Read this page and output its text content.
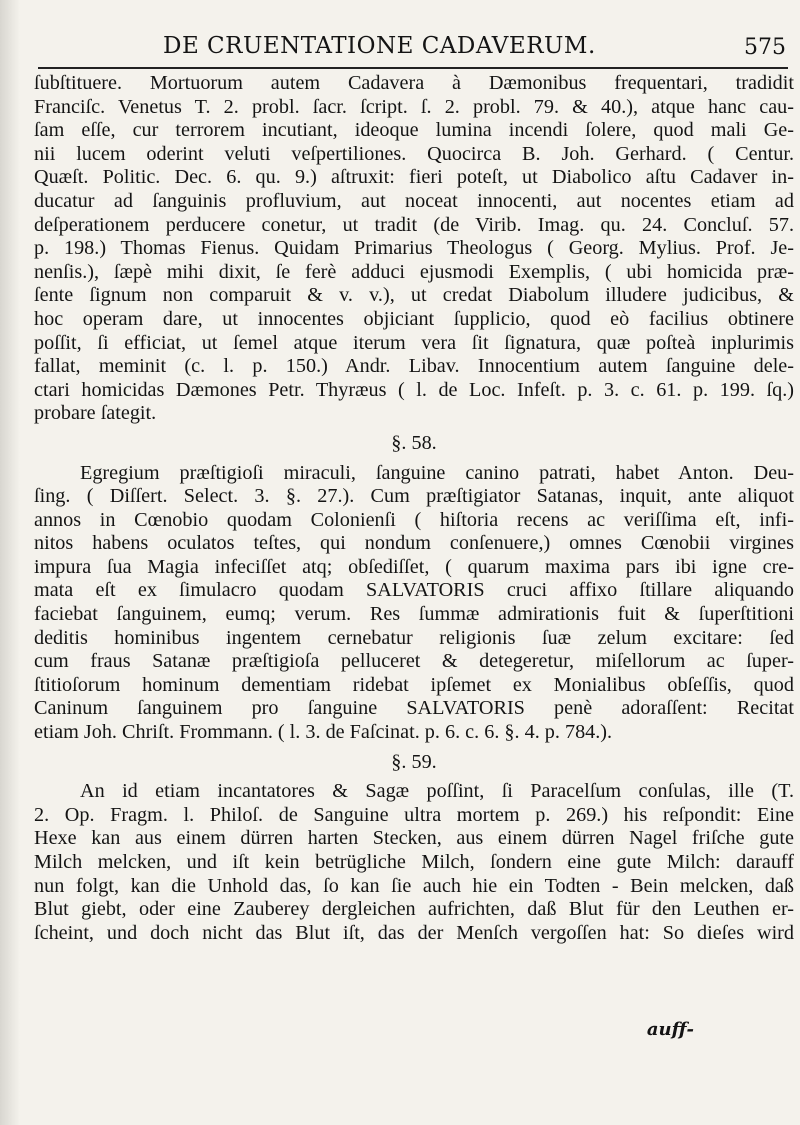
DE CRUENTATIONE CADAVERUM.	575
ſubſtituere. Mortuorum autem Cadavera à Dæmonibus frequentari, tradidit
Franciſc. Venetus T. 2. probl. ſacr. ſcript. ſ. 2. probl. 79. & 40.), atque hanc cau-
ſam eſſe, cur terrorem incutiant, ideoque lumina incendi ſolere, quod mali Ge-
nii lucem oderint veluti veſpertiliones. Quocirca B. Joh. Gerhard. ( Centur.
Quæſt. Politic. Dec. 6. qu. 9.) aſtruxit: fieri poteſt, ut Diabolico aſtu Cadaver in-
ducatur ad ſanguinis profluvium, aut noceat innocenti, aut nocentes etiam ad
deſperationem perducere conetur, ut tradit (de Virib. Imag. qu. 24. Concluſ. 57.
p. 198.) Thomas Fienus. Quidam Primarius Theologus ( Georg. Mylius. Prof. Je-
nenſis.), ſæpè mihi dixit, ſe ferè adduci ejusmodi Exemplis, ( ubi homicida præ-
ſente ſignum non comparuit & v. v.), ut credat Diabolum illudere judicibus, &
hoc operam dare, ut innocentes objiciant ſupplicio, quod eò facilius obtinere
poſſit, ſi efficiat, ut ſemel atque iterum vera ſit ſignatura, quæ poſteà inplurimis
fallat, meminit (c. l. p. 150.) Andr. Libav. Innocentium autem ſanguine dele-
ctari homicidas Dæmones Petr. Thyræus ( l. de Loc. Infeſt. p. 3. c. 61. p. 199. ſq.)
probare ſategit.
§. 58.
Egregium præſtigioſi miraculi, ſanguine canino patrati, habet Anton. Deu-
ſing. ( Diſſert. Select. 3. §. 27.). Cum præſtigiator Satanas, inquit, ante aliquot
annos in Cœnobio quodam Colonienſi ( hiſtoria recens ac veriſſima eſt, infi-
nitos habens oculatos teſtes, qui nondum conſenuere,) omnes Cœnobii virgines
impura ſua Magia infeciſſet atq; obſediſſet, ( quarum maxima pars ibi igne cre-
mata eſt ex ſimulacro quodam SALVATORIS cruci affixo ſtillare aliquando
faciebat ſanguinem, eumq; verum. Res ſummæ admirationis fuit & ſuperſtitioni
deditis hominibus ingentem cernebatur religionis ſuæ zelum excitare: ſed
cum fraus Satanæ præſtigioſa pelluceret & detegeretur, miſellorum ac ſuper-
ſtitioſorum hominum dementiam ridebat ipſemet ex Monialibus obſeſſis, quod
Caninum ſanguinem pro ſanguine SALVATORIS penè adoraſſent: Recitat
etiam Joh. Chriſt. Frommann. ( l. 3. de Faſcinat. p. 6. c. 6. §. 4. p. 784.).
§. 59.
An id etiam incantatores & Sagæ poſſint, ſi Paracelſum conſulas, ille (T.
2. Op. Fragm. l. Philoſ. de Sanguine ultra mortem p. 269.) his reſpondit: Eine
Hexe kan aus einem dürren harten Stecken, aus einem dürren Nagel friſche gute
Milch melcken, und iſt kein betrügliche Milch, ſondern eine gute Milch: darauff
nun folgt, kan die Unhold das, ſo kan ſie auch hie ein Todten - Bein melcken, daß
Blut giebt, oder eine Zauberey dergleichen aufrichten, daß Blut für den Leuthen er-
ſcheint, und doch nicht das Blut iſt, das der Menſch vergoſſen hat: So dieſes wird
auff-
